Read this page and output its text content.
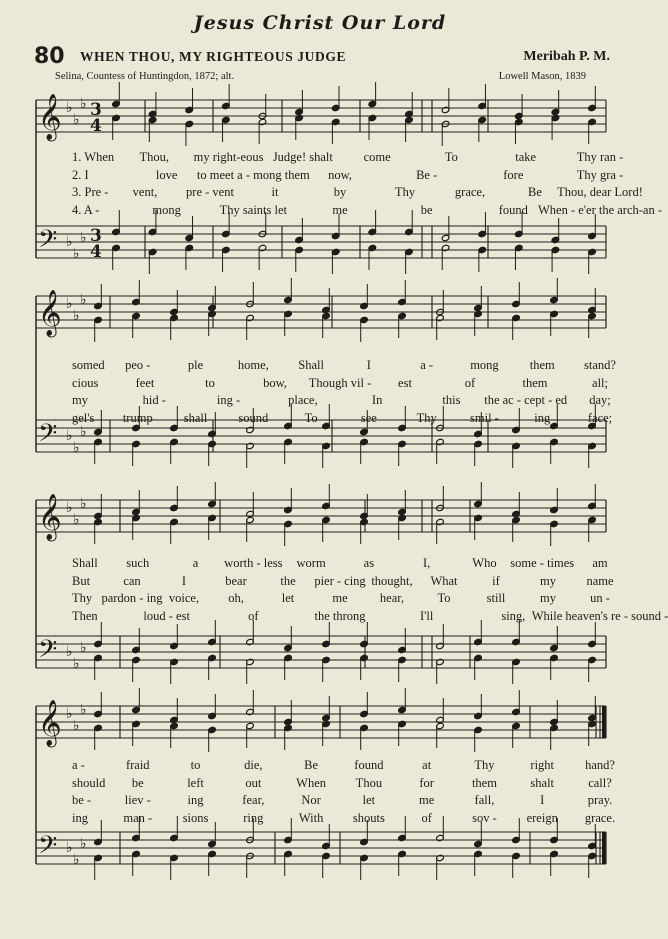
Jesus Christ Our Lord
80 WHEN THOU, MY RIGHTEOUS JUDGE	Meribah P. M.
Selina, Countess of Huntingdon, 1872; alt.	Lowell Mason, 1839
𝄞 ♭
♭
♭ 3
4
𝄢 ♭
♭
♭ 3
4
𝄞 ♭
♭
♭
𝄢 ♭
♭
♭
𝄞 ♭
♭
♭
𝄢 ♭
♭
♭
𝄞 ♭
♭
♭
𝄢 ♭
♭
♭
1. When Thou, my right-eous Judge! shalt come	To	take	Thy ran -
2. I	love to meet a - mong them now,	Be -	fore	Thy gra -
3. Pre - vent, pre - vent	it	by	Thy	grace,	Be Thou, dear Lord!
4. A -	mong	Thy saints let	me	be	found When - e'er the arch-an -
somed peo -	ple	home, Shall	I	a -	mong them stand?
cious	feet	to	bow, Though vil - est	of	them	all;
my	hid -	ing -	place,	In	this the ac - cept - ed day;
gel's trump shall sound	To	see	Thy	smil -	ing	face;
Shall such	a worth - less worm	as	I,	Who some - times am
But	can	I	bear	the pier - cing thought, What	if	my name
Thy pardon - ing voice, oh,	let	me	hear,	To	still	my	un -
Then	loud - est	of	the throng	I'll	sing, While heaven's re - sound -
a -	fraid	to	die,	Be	found	at	Thy	right hand?
should be	left	out	When Thou	for	them	shalt	call?
be -	liev -	ing	fear,	Nor	let	me	fall,	I	pray.
ing	man - sions	ring	With shouts	of	sov - ereign grace.
